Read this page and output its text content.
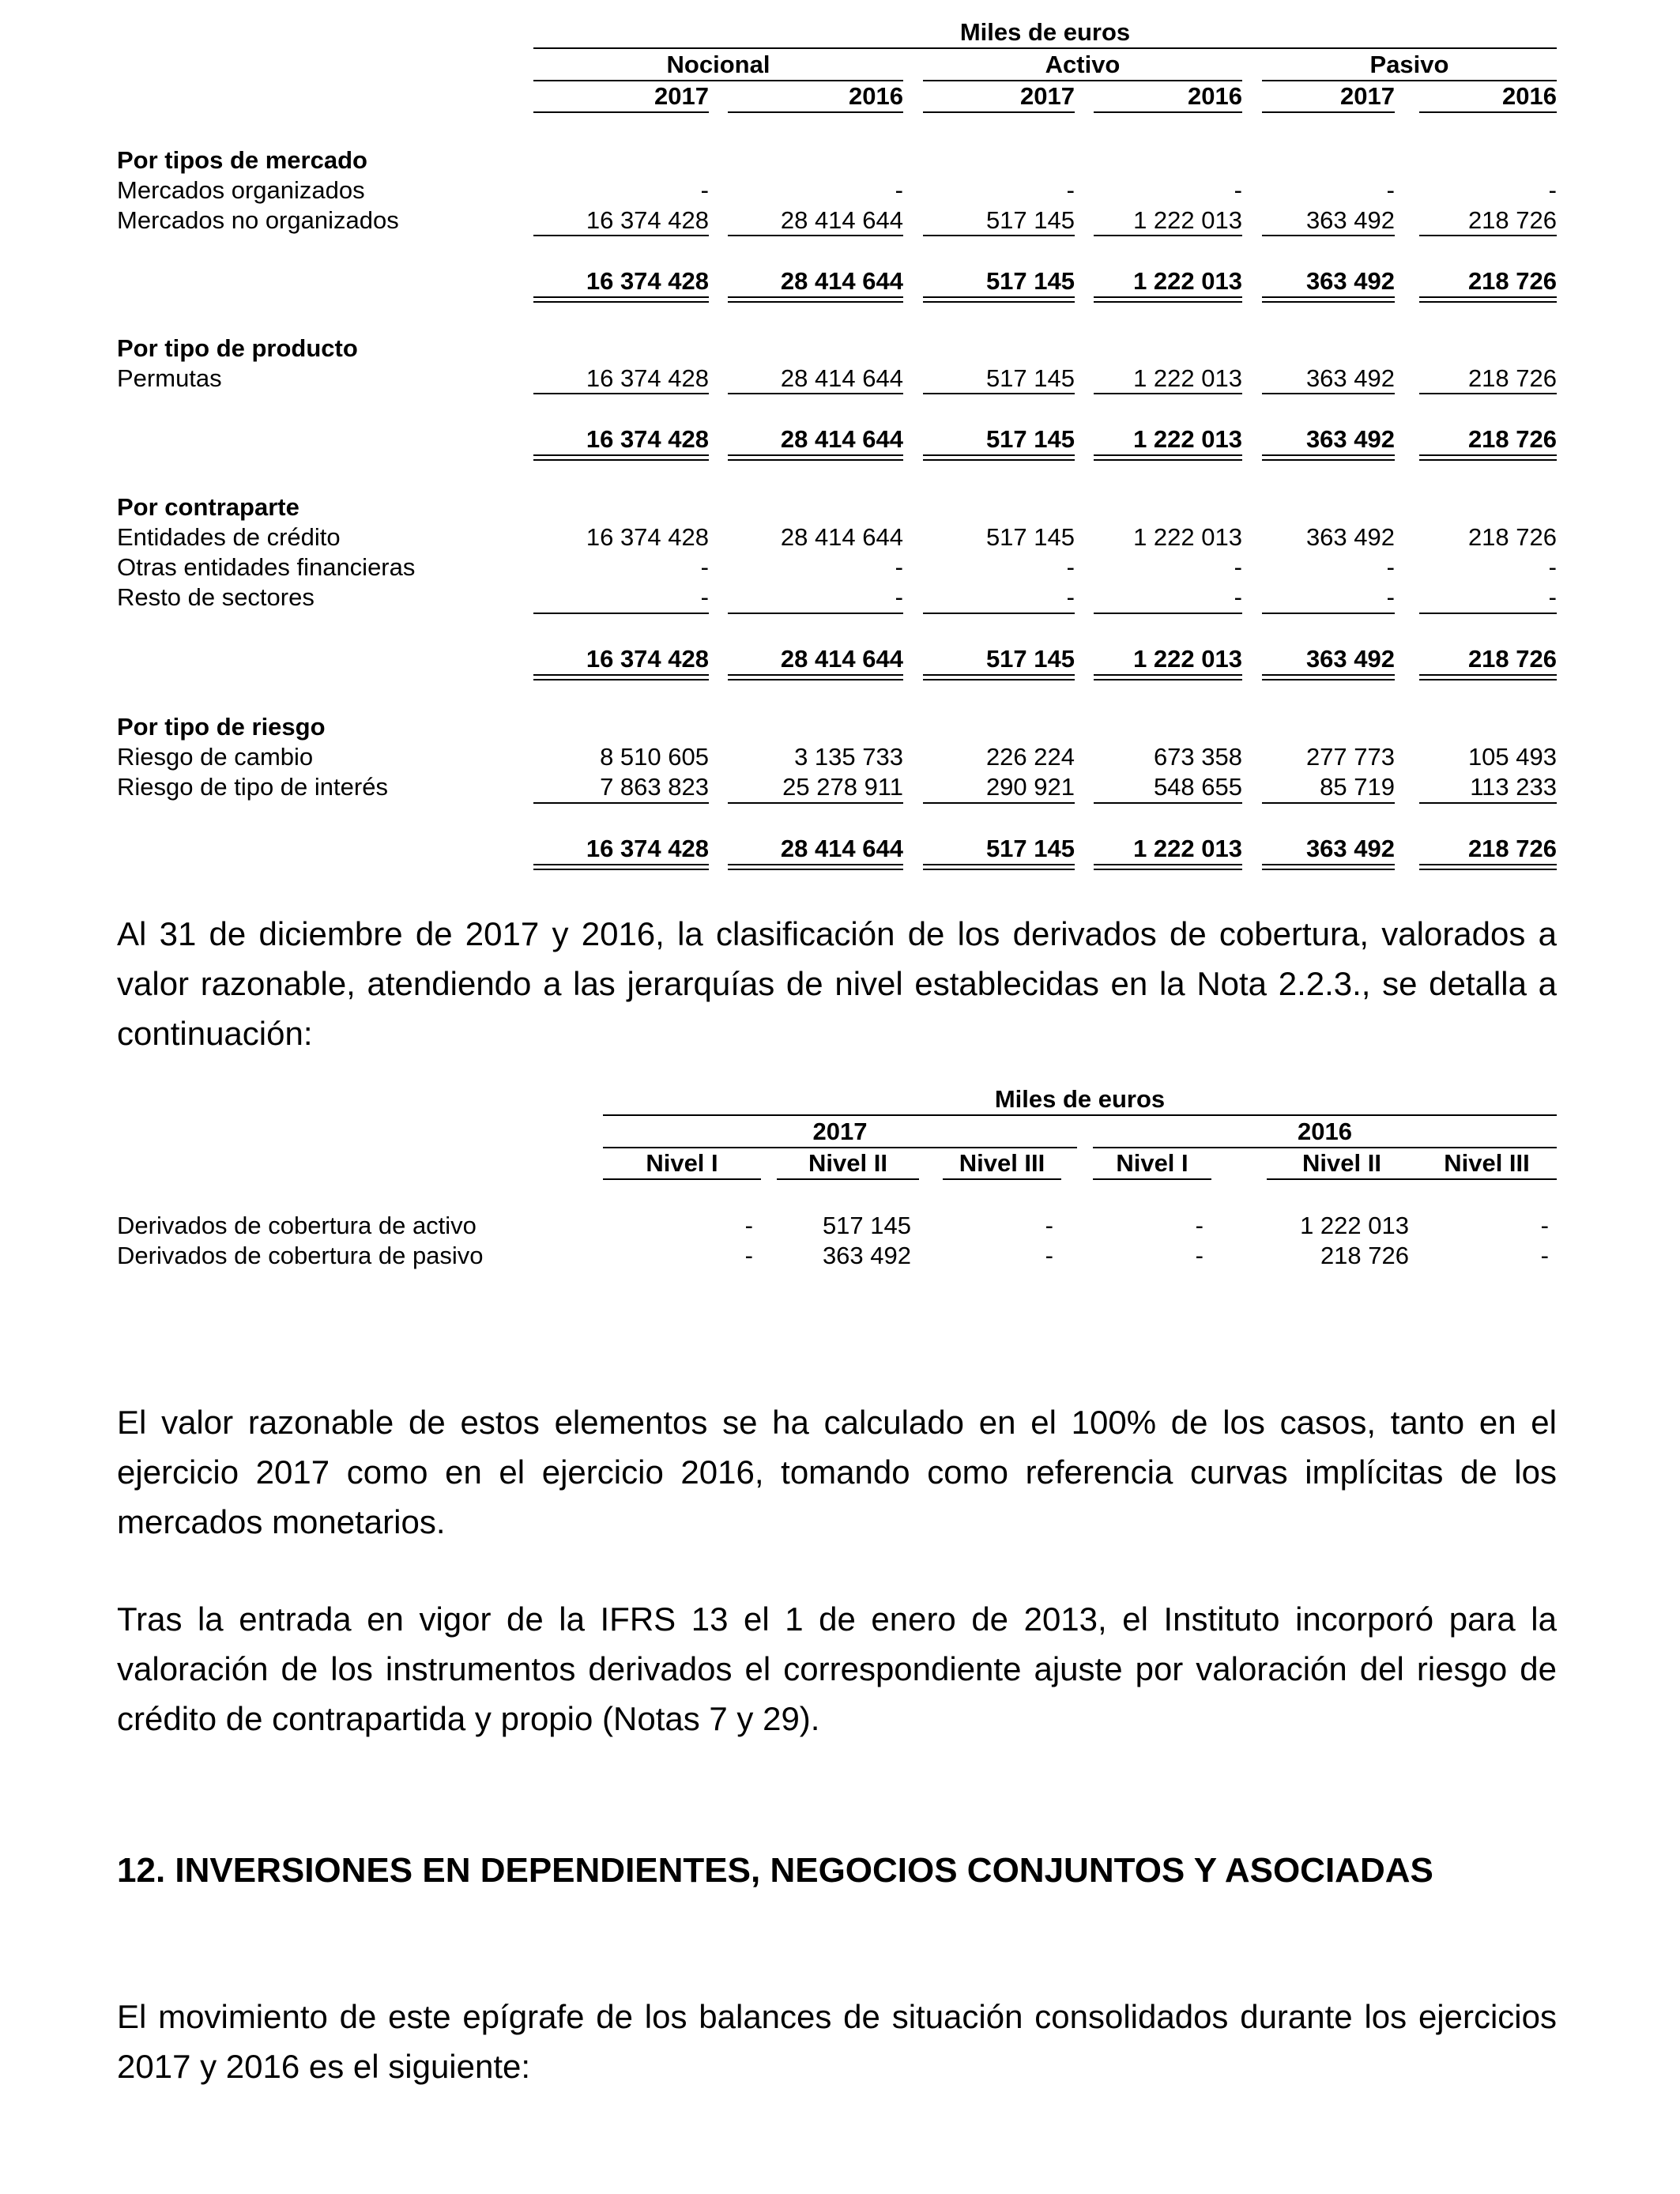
Miles de euros
Nocional	Activo	Pasivo
2017	2016	2017	2016	2017	2016
Por tipos de mercado
Mercados organizados	-	-	-	-	-	-
Mercados no organizados	16 374 428	28 414 644	517 145	1 222 013	363 492	218 726
16 374 428	28 414 644	517 145	1 222 013	363 492	218 726
Por tipo de producto
Permutas	16 374 428	28 414 644	517 145	1 222 013	363 492	218 726
16 374 428	28 414 644	517 145	1 222 013	363 492	218 726
Por contraparte
Entidades de crédito	16 374 428	28 414 644	517 145	1 222 013	363 492	218 726
Otras entidades financieras	-	-	-	-	-	-
Resto de sectores	-	-	-	-	-	-
16 374 428	28 414 644	517 145	1 222 013	363 492	218 726
Por tipo de riesgo
Riesgo de cambio	8 510 605	3 135 733	226 224	673 358	277 773	105 493
Riesgo de tipo de interés	7 863 823	25 278 911	290 921	548 655	85 719	113 233
16 374 428	28 414 644	517 145	1 222 013	363 492	218 726
Al 31 de diciembre de 2017 y 2016, la clasificación de los derivados de cobertura, valorados a valor razonable, atendiendo a las jerarquías de nivel establecidas en la Nota 2.2.3., se detalla a continuación:
Miles de euros
2017	2016
Nivel I	Nivel II	Nivel III	Nivel I	Nivel II	Nivel III
Derivados de cobertura de activo	-	517 145	-	-	1 222 013	-
Derivados de cobertura de pasivo	-	363 492	-	-	218 726	-
El valor razonable de estos elementos se ha calculado en el 100% de los casos, tanto en el ejercicio 2017 como en el ejercicio 2016, tomando como referencia curvas implícitas de los mercados monetarios.
Tras la entrada en vigor de la IFRS 13 el 1 de enero de 2013, el Instituto incorporó para la valoración de los instrumentos derivados el correspondiente ajuste por valoración del riesgo de crédito de contrapartida y propio (Notas 7 y 29).
12. INVERSIONES EN DEPENDIENTES, NEGOCIOS CONJUNTOS Y ASOCIADAS
El movimiento de este epígrafe de los balances de situación consolidados durante los ejercicios 2017 y 2016 es el siguiente:
